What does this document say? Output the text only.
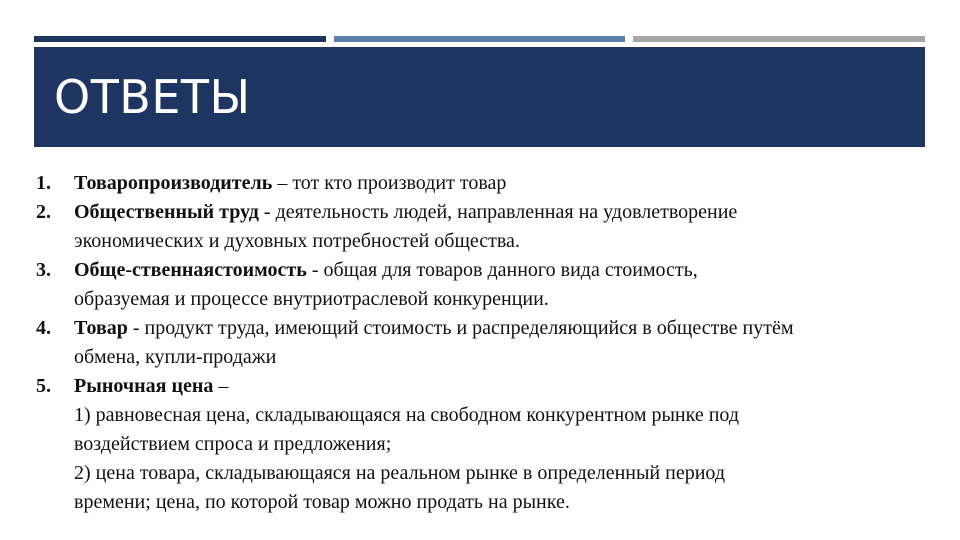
ОТВЕТЫ
1. Товаропроизводитель – тот кто производит товар
2. Общественный труд - деятельность людей, направленная на удовлетворение
экономических и духовных потребностей общества.
3. Обще-ственнаястоимость - общая для товаров данного вида стоимость,
образуемая и процессе внутриотраслевой конкуренции.
4. Товар - продукт труда, имеющий стоимость и распределяющийся в обществе путём
обмена, купли-продажи
5. Рыночная цена –
1) равновесная цена, складывающаяся на свободном конкурентном рынке под
воздействием спроса и предложения;
2) цена товара, складывающаяся на реальном рынке в определенный период
времени; цена, по которой товар можно продать на рынке.
